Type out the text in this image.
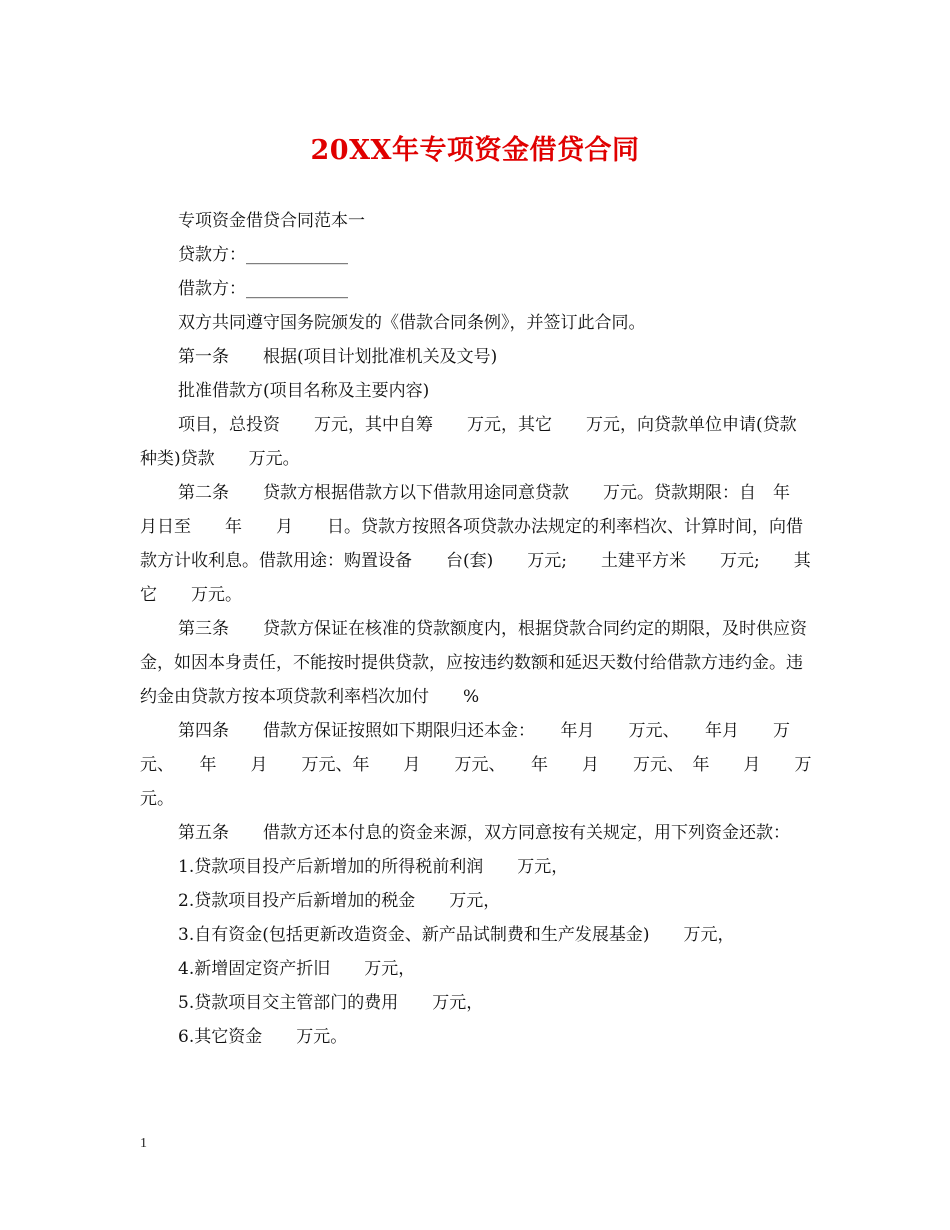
20XX年专项资金借贷合同

专项资金借贷合同范本一

贷款方：____________

借款方：____________

双方共同遵守国务院颁发的《借款合同条例》，并签订此合同。

第一条　　根据(项目计划批准机关及文号)

批准借款方(项目名称及主要内容)

项目，总投资　　万元，其中自筹　　万元，其它　　万元，向贷款单位申请(贷款种类)贷款　　万元。

第二条　　贷款方根据借款方以下借款用途同意贷款　　万元。贷款期限：自　年　　月日至　　年　　月　　日。贷款方按照各项贷款办法规定的利率档次、计算时间，向借款方计收利息。借款用途：购置设备　　台(套)　　万元;　　土建平方米　　万元;　　其它　　万元。

第三条　　贷款方保证在核准的贷款额度内，根据贷款合同约定的期限，及时供应资金，如因本身责任，不能按时提供贷款，应按违约数额和延迟天数付给借款方违约金。违约金由贷款方按本项贷款利率档次加付　　%

第四条　　借款方保证按照如下期限归还本金：　　年月　　万元、　　年月　　万元、　　年　　月　　万元、年　　月　　万元、　　年　　月　　万元、　年　　月　　万元。

第五条　　借款方还本付息的资金来源，双方同意按有关规定，用下列资金还款：

1.贷款项目投产后新增加的所得税前利润　　万元，

2.贷款项目投产后新增加的税金　　万元，

3.自有资金(包括更新改造资金、新产品试制费和生产发展基金)　　万元，

4.新增固定资产折旧　　万元，

5.贷款项目交主管部门的费用　　万元，

6.其它资金　　万元。

1
